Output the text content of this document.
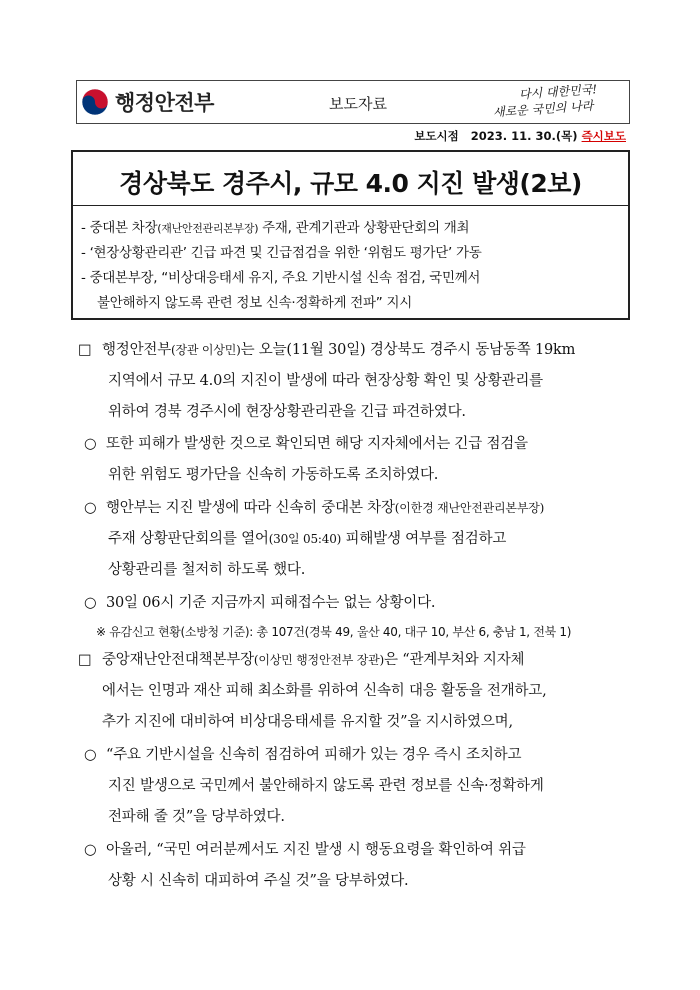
행정안전부	보도자료
다시 대한민국!
새로운 국민의 나라
보도시점 2023. 11. 30.(목) 즉시보도
경상북도 경주시, 규모 4.0 지진 발생(2보)
- 중대본 차장(재난안전관리본부장) 주재, 관계기관과 상황판단회의 개최
- ‘현장상황관리관’ 긴급 파견 및 긴급점검을 위한 ‘위험도 평가단’ 가동
- 중대본부장, “비상대응태세 유지, 주요 기반시설 신속 점검, 국민께서
불안해하지 않도록 관련 정보 신속·정확하게 전파” 지시
□ 행정안전부(장관 이상민)는 오늘(11월 30일) 경상북도 경주시 동남동쪽 19km
지역에서 규모 4.0의 지진이 발생에 따라 현장상황 확인 및 상황관리를
위하여 경북 경주시에 현장상황관리관을 긴급 파견하였다.
○ 또한 피해가 발생한 것으로 확인되면 해당 지자체에서는 긴급 점검을
위한 위험도 평가단을 신속히 가동하도록 조치하였다.
○ 행안부는 지진 발생에 따라 신속히 중대본 차장(이한경 재난안전관리본부장)
주재 상황판단회의를 열어(30일 05:40) 피해발생 여부를 점검하고
상황관리를 철저히 하도록 했다.
○ 30일 06시 기준 지금까지 피해접수는 없는 상황이다.
※ 유감신고 현황(소방청 기준): 총 107건(경북 49, 울산 40, 대구 10, 부산 6, 충남 1, 전북 1)
□ 중앙재난안전대책본부장(이상민 행정안전부 장관)은 “관계부처와 지자체
에서는 인명과 재산 피해 최소화를 위하여 신속히 대응 활동을 전개하고,
추가 지진에 대비하여 비상대응태세를 유지할 것”을 지시하였으며,
○ “주요 기반시설을 신속히 점검하여 피해가 있는 경우 즉시 조치하고
지진 발생으로 국민께서 불안해하지 않도록 관련 정보를 신속·정확하게
전파해 줄 것”을 당부하였다.
○ 아울러, “국민 여러분께서도 지진 발생 시 행동요령을 확인하여 위급
상황 시 신속히 대피하여 주실 것”을 당부하였다.
